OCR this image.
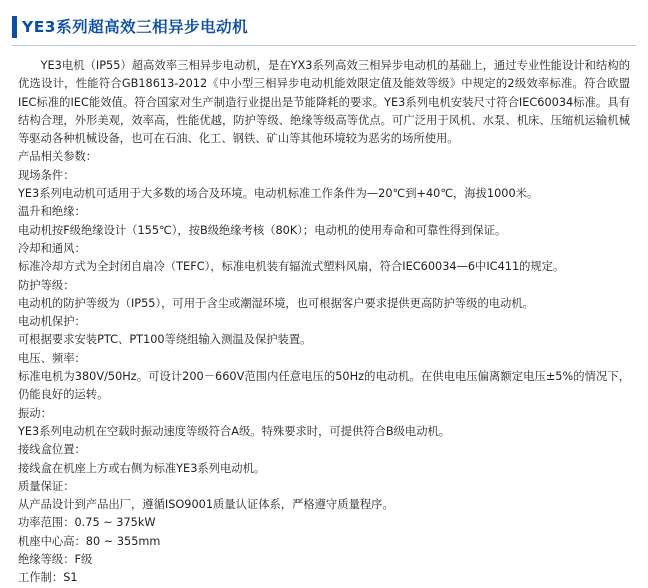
YE3系列超高效三相异步电动机

YE3电机（IP55）超高效率三相异步电动机，是在YX3系列高效三相异步电动机的基础上，通过专业性能设计和结构的优选设计，性能符合GB18613-2012《中小型三相异步电动机能效限定值及能效等级》中规定的2级效率标准。符合欧盟IEC标准的IEC能效值。符合国家对生产制造行业提出是节能降耗的要求。YE3系列电机安装尺寸符合IEC60034标准。具有结构合理，外形美观，效率高，性能优越，防护等级、绝缘等级高等优点。可广泛用于风机、水泵、机床、压缩机运输机械等驱动各种机械设备，也可在石油、化工、钢铁、矿山等其他环境较为恶劣的场所使用。

产品相关参数：

现场条件：
YE3系列电动机可适用于大多数的场合及环境。电动机标准工作条件为—20℃到+40℃，海拔1000米。
温升和绝缘：
电动机按F级绝缘设计（155℃），按B级绝缘考核（80K）；电动机的使用寿命和可靠性得到保证。
冷却和通风：
标准冷却方式为全封闭自扇冷（TEFC），标准电机装有辐流式塑料风扇，符合IEC60034—6中IC411的规定。
防护等级：
电动机的防护等级为（IP55），可用于含尘或潮湿环境，也可根据客户要求提供更高防护等级的电动机。
电动机保护：
可根据要求安装PTC、PT100等绕组输入测温及保护装置。
电压、频率：
标准电机为380V/50Hz。可设计200－660V范围内任意电压的50Hz的电动机。在供电电压偏离额定电压±5%的情况下，仍能良好的运转。
振动：
YE3系列电动机在空载时振动速度等级符合A级。特殊要求时，可提供符合B级电动机。
接线盒位置：
接线盒在机座上方或右侧为标准YE3系列电动机。
质量保证：
从产品设计到产品出厂，遵循ISO9001质量认证体系，严格遵守质量程序。
功率范围：0.75 ~ 375kW
机座中心高：80 ~ 355mm
绝缘等级：F级
工作制：S1
